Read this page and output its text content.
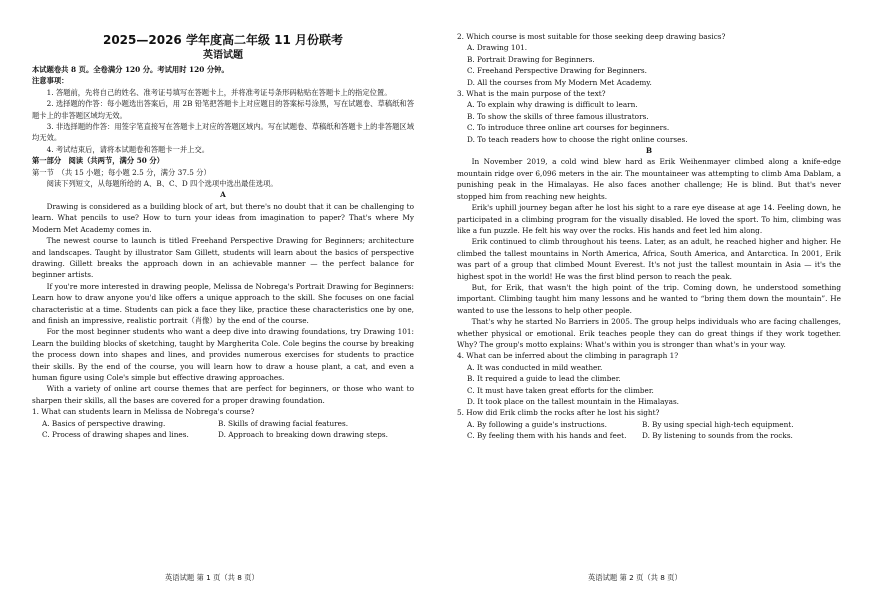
2025—2026 学年度高二年级 11 月份联考
英语试题

本试题卷共 8 页。全卷满分 120 分。考试用时 120 分钟。

注意事项：

1. 答题前，先将自己的姓名、准考证号填写在答题卡上，并将准考证号条形码粘贴在答题卡上的指定位置。

2. 选择题的作答：每小题选出答案后，用 2B 铅笔把答题卡上对应题目的答案标号涂黑，写在试题卷、草稿纸和答题卡上的非答题区域均无效。

3. 非选择题的作答：用签字笔直接写在答题卡上对应的答题区域内。写在试题卷、草稿纸和答题卡上的非答题区域均无效。

4. 考试结束后，请将本试题卷和答题卡一并上交。

第一部分　阅读（共两节，满分 50 分）

第一节　（共 15 小题；每小题 2.5 分，满分 37.5 分）

阅读下列短文，从每题所给的 A、B、C、D 四个选项中选出最佳选项。

A

Drawing is considered as a building block of art, but there's no doubt that it can be challenging to learn. What pencils to use? How to turn your ideas from imagination to paper? That's where My Modern Met Academy comes in.

The newest course to launch is titled Freehand Perspective Drawing for Beginners; architecture and landscapes. Taught by illustrator Sam Gillett, students will learn about the basics of perspective drawing. Gillett breaks the approach down in an achievable manner — the perfect balance for beginner artists.

If you're more interested in drawing people, Melissa de Nobrega's Portrait Drawing for Beginners: Learn how to draw anyone you'd like offers a unique approach to the skill. She focuses on one facial characteristic at a time. Students can pick a face they like, practice these characteristics one by one, and finish an impressive, realistic portrait（肖像）by the end of the course.

For the most beginner students who want a deep dive into drawing foundations, try Drawing 101: Learn the building blocks of sketching, taught by Margherita Cole. Cole begins the course by breaking the process down into shapes and lines, and provides numerous exercises for students to practice their skills. By the end of the course, you will learn how to draw a house plant, a cat, and even a human figure using Cole's simple but effective drawing approaches.

With a variety of online art course themes that are perfect for beginners, or those who want to sharpen their skills, all the bases are covered for a proper drawing foundation.

1. What can students learn in Melissa de Nobrega's course?

A. Basics of perspective drawing.	B. Skills of drawing facial features.
C. Process of drawing shapes and lines.	D. Approach to breaking down drawing steps.

2. Which course is most suitable for those seeking deep drawing basics?

A. Drawing 101.
B. Portrait Drawing for Beginners.
C. Freehand Perspective Drawing for Beginners.
D. All the courses from My Modern Met Academy.

3. What is the main purpose of the text?

A. To explain why drawing is difficult to learn.
B. To show the skills of three famous illustrators.
C. To introduce three online art courses for beginners.
D. To teach readers how to choose the right online courses.

B

In November 2019, a cold wind blew hard as Erik Weihenmayer climbed along a knife-edge mountain ridge over 6,096 meters in the air. The mountaineer was attempting to climb Ama Dablam, a punishing peak in the Himalayas. He also faces another challenge; He is blind. But that's never stopped him from reaching new heights.

Erik's uphill journey began after he lost his sight to a rare eye disease at age 14. Feeling down, he participated in a climbing program for the visually disabled. He loved the sport. To him, climbing was like a fun puzzle. He felt his way over the rocks. His hands and feet led him along.

Erik continued to climb throughout his teens. Later, as an adult, he reached higher and higher. He climbed the tallest mountains in North America, Africa, South America, and Antarctica. In 2001, Erik was part of a group that climbed Mount Everest. It's not just the tallest mountain in Asia — it's the highest spot in the world! He was the first blind person to reach the peak.

But, for Erik, that wasn't the high point of the trip. Coming down, he understood something important. Climbing taught him many lessons and he wanted to “bring them down the mountain”. He wanted to use the lessons to help other people.

That's why he started No Barriers in 2005. The group helps individuals who are facing challenges, whether physical or emotional. Erik teaches people they can do great things if they work together. Why? The group's motto explains: What's within you is stronger than what's in your way.

4. What can be inferred about the climbing in paragraph 1?

A. It was conducted in mild weather.
B. It required a guide to lead the climber.
C. It must have taken great efforts for the climber.
D. It took place on the tallest mountain in the Himalayas.

5. How did Erik climb the rocks after he lost his sight?

A. By following a guide's instructions.	B. By using special high-tech equipment.
C. By feeling them with his hands and feet.	D. By listening to sounds from the rocks.
英语试题 第 1 页（共 8 页）	英语试题 第 2 页（共 8 页）
